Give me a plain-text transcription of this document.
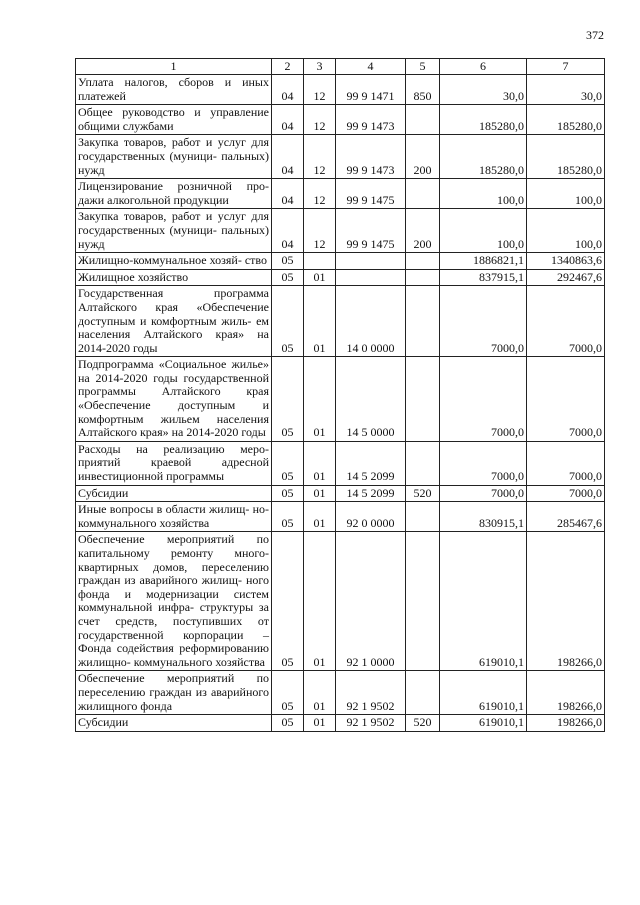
372
1	2	3	4	5	6	7
Уплата налогов, сборов и иных платежей	04	12	99 9 1471	850	30,0	30,0
Общее руководство и управление общими службами	04	12	99 9 1473		185280,0	185280,0
Закупка товаров, работ и услуг для государственных (муници- пальных) нужд	04	12	99 9 1473	200	185280,0	185280,0
Лицензирование розничной про- дажи алкогольной продукции	04	12	99 9 1475		100,0	100,0
Закупка товаров, работ и услуг для государственных (муници- пальных) нужд	04	12	99 9 1475	200	100,0	100,0
Жилищно-коммунальное хозяй- ство	05				1886821,1	1340863,6
Жилищное хозяйство	05	01			837915,1	292467,6
Государственная программа Алтайского края «Обеспечение доступным и комфортным жиль- ем населения Алтайского края» на 2014-2020 годы	05	01	14 0 0000		7000,0	7000,0
Подпрограмма «Социальное жилье» на 2014-2020 годы государственной программы Алтайского края «Обеспечение доступным и комфортным жильем населения Алтайского края» на 2014-2020 годы	05	01	14 5 0000		7000,0	7000,0
Расходы на реализацию меро- приятий краевой адресной инвестиционной программы	05	01	14 5 2099		7000,0	7000,0
Субсидии	05	01	14 5 2099	520	7000,0	7000,0
Иные вопросы в области жилищ- но-коммунального хозяйства	05	01	92 0 0000		830915,1	285467,6
Обеспечение мероприятий по капитальному ремонту много- квартирных домов, переселению граждан из аварийного жилищ- ного фонда и модернизации систем коммунальной инфра- структуры за счет средств, поступивших от государственной корпорации – Фонда содействия реформированию жилищно- коммунального хозяйства	05	01	92 1 0000		619010,1	198266,0
Обеспечение мероприятий по переселению граждан из аварийного жилищного фонда	05	01	92 1 9502		619010,1	198266,0
Субсидии	05	01	92 1 9502	520	619010,1	198266,0
